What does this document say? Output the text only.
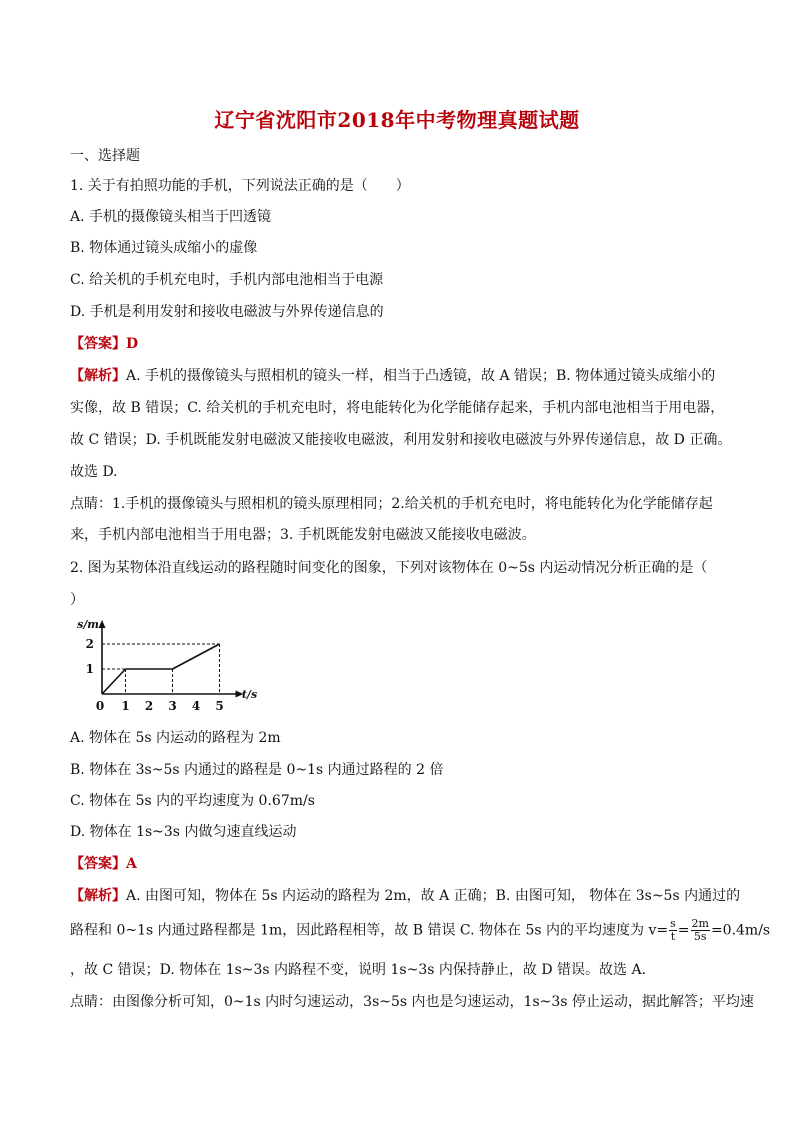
辽宁省沈阳市2018年中考物理真题试题
一、选择题
1. 关于有拍照功能的手机，下列说法正确的是（　　）
A. 手机的摄像镜头相当于凹透镜
B. 物体通过镜头成缩小的虚像
C. 给关机的手机充电时，手机内部电池相当于电源
D. 手机是利用发射和接收电磁波与外界传递信息的
【答案】D
【解析】A. 手机的摄像镜头与照相机的镜头一样，相当于凸透镜，故 A 错误；B. 物体通过镜头成缩小的
实像，故 B 错误；C. 给关机的手机充电时，将电能转化为化学能储存起来，手机内部电池相当于用电器，
故 C 错误；D. 手机既能发射电磁波又能接收电磁波，利用发射和接收电磁波与外界传递信息，故 D 正确。
故选 D.
点睛：1.手机的摄像镜头与照相机的镜头原理相同；2.给关机的手机充电时，将电能转化为化学能储存起
来，手机内部电池相当于用电器；3. 手机既能发射电磁波又能接收电磁波。
2. 图为某物体沿直线运动的路程随时间变化的图象，下列对该物体在 0~5s 内运动情况分析正确的是（
）
s/m
t/s
0 1 2 3 4 5
1
2
A. 物体在 5s 内运动的路程为 2m
B. 物体在 3s~5s 内通过的路程是 0~1s 内通过路程的 2 倍
C. 物体在 5s 内的平均速度为 0.67m/s
D. 物体在 1s~3s 内做匀速直线运动
【答案】A
【解析】A. 由图可知，物体在 5s 内运动的路程为 2m，故 A 正确；B. 由图可知， 物体在 3s~5s 内通过的
路程和 0~1s 内通过路程都是 1m，因此路程相等，故 B 错误 C. 物体在 5s 内的平均速度为 $v= \frac{s}{t} = \frac{2m}{5s} =0.4m/s$
，故 C 错误；D. 物体在 1s~3s 内路程不变，说明 1s~3s 内保持静止，故 D 错误。故选 A.
点睛：由图像分析可知，0~1s 内时匀速运动，3s~5s 内也是匀速运动，1s~3s 停止运动，据此解答；平均速
